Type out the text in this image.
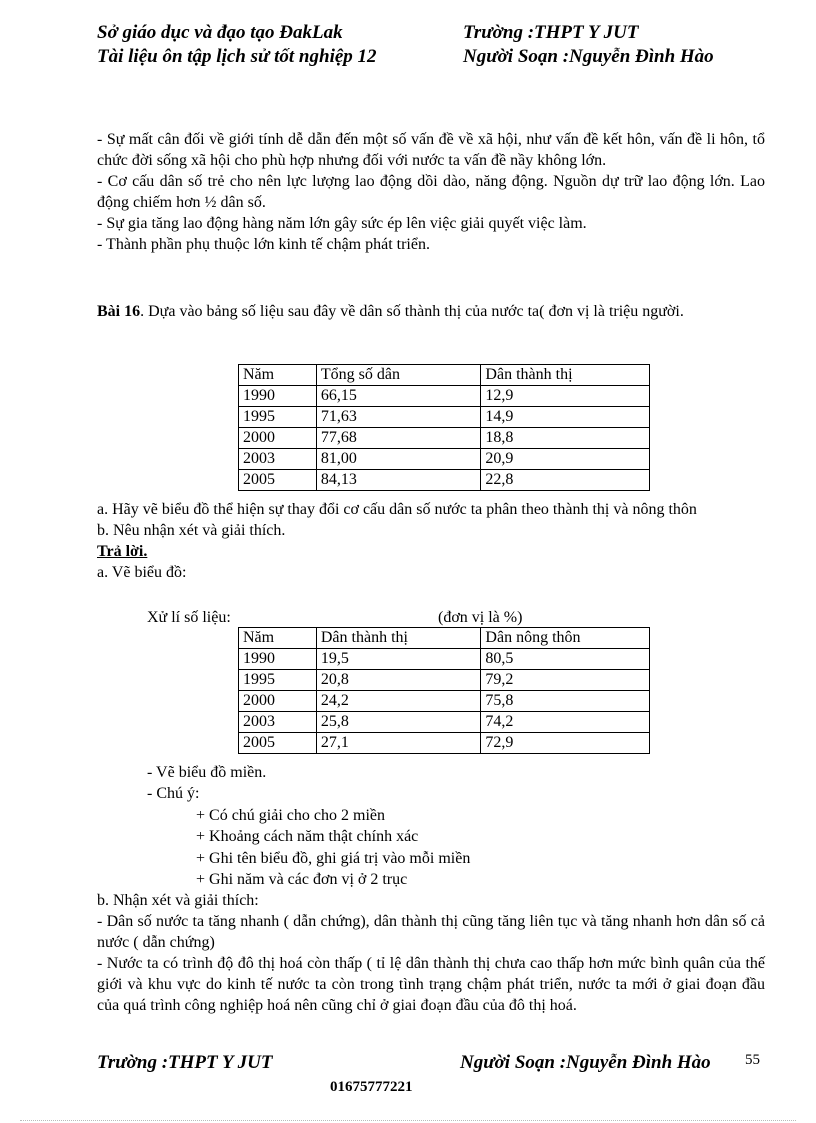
Sở giáo dục và đạo tạo ĐakLak
Tài liệu ôn tập lịch sử tốt nghiệp 12
Trường :THPT Y JUT
Người Soạn :Nguyễn Đình Hào

- Sự mất cân đối về giới tính dễ dẫn đến một số vấn đề về xã hội, như vấn đề kết hôn, vấn đề li hôn, tổ chức đời sống xã hội cho phù hợp nhưng đối với nước ta vấn đề nầy không lớn.

- Cơ cấu dân số trẻ cho nên lực lượng lao động dồi dào, năng động. Nguồn dự trữ lao động lớn. Lao động chiếm hơn ½ dân số.

- Sự gia tăng lao động hàng năm lớn gây sức ép lên việc giải quyết việc làm.

- Thành phần phụ thuộc lớn kinh tế chậm phát triển.

Bài 16. Dựa vào bảng số liệu sau đây về dân số thành thị của nước ta( đơn vị là triệu người.

Năm	Tổng số dân	Dân thành thị
1990	66,15	12,9
1995	71,63	14,9
2000	77,68	18,8
2003	81,00	20,9
2005	84,13	22,8

a. Hãy vẽ biểu đồ thể hiện sự thay đổi cơ cấu dân số nước ta phân theo thành thị và nông thôn

b. Nêu nhận xét và giải thích.

Trả lời.

a. Vẽ biểu đồ:

Xử lí số liệu:	(đơn vị là %)
Năm	Dân thành thị	Dân nông thôn
1990	19,5	80,5
1995	20,8	79,2
2000	24,2	75,8
2003	25,8	74,2
2005	27,1	72,9
- Vẽ biểu đồ miền.
- Chú ý:
+ Có chú giải cho cho 2 miền
+ Khoảng cách năm thật chính xác
+ Ghi tên biểu đồ, ghi giá trị vào mỗi miền
+ Ghi năm và các đơn vị ở 2 trục

b. Nhận xét và giải thích:

- Dân số nước ta tăng nhanh ( dẫn chứng), dân thành thị cũng tăng liên tục và tăng nhanh hơn dân số cả nước ( dẫn chứng)

- Nước ta có trình độ đô thị hoá còn thấp ( tỉ lệ dân thành thị chưa cao thấp hơn mức bình quân của thế giới và khu vực do kinh tế nước ta còn trong tình trạng chậm phát triển, nước ta mới ở giai đoạn đầu của quá trình công nghiệp hoá nên cũng chỉ ở giai đoạn đầu của đô thị hoá.

Trường :THPT Y JUT	Người Soạn :Nguyễn Đình Hào 55
01675777221
